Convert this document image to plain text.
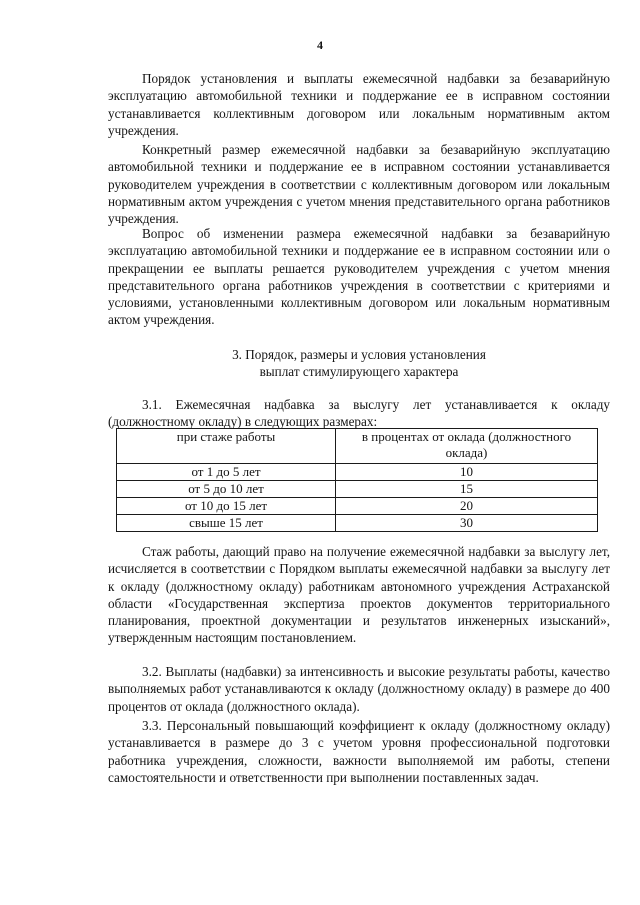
4

Порядок установления и выплаты ежемесячной надбавки за безаварийную эксплуатацию автомобильной техники и поддержание ее в исправном состоянии устанавливается коллективным договором или локальным нормативным актом учреждения.

Конкретный размер ежемесячной надбавки за безаварийную эксплуатацию автомобильной техники и поддержание ее в исправном состоянии устанавливается руководителем учреждения в соответствии с коллективным договором или локальным нормативным актом учреждения с учетом мнения представительного органа работников учреждения.

Вопрос об изменении размера ежемесячной надбавки за безаварийную эксплуатацию автомобильной техники и поддержание ее в исправном состоянии или о прекращении ее выплаты решается руководителем учреждения с учетом мнения представительного органа работников учреждения в соответствии с критериями и условиями, установленными коллективным договором или локальным нормативным актом учреждения.

3. Порядок, размеры и условия установления
выплат стимулирующего характера

3.1. Ежемесячная надбавка за выслугу лет устанавливается к окладу (должностному окладу) в следующих размерах:

при стаже работы	в процентах от оклада (должностного оклада)
от 1 до 5 лет	10
от 5 до 10 лет	15
от 10 до 15 лет	20
свыше 15 лет	30

Стаж работы, дающий право на получение ежемесячной надбавки за выслугу лет, исчисляется в соответствии с Порядком выплаты ежемесячной надбавки за выслугу лет к окладу (должностному окладу) работникам автономного учреждения Астраханской области «Государственная экспертиза проектов документов территориального планирования, проектной документации и результатов инженерных изысканий», утвержденным настоящим постановлением.

3.2. Выплаты (надбавки) за интенсивность и высокие результаты работы, качество выполняемых работ устанавливаются к окладу (должностному окладу) в размере до 400 процентов от оклада (должностного оклада).

3.3. Персональный повышающий коэффициент к окладу (должностному окладу) устанавливается в размере до 3 с учетом уровня профессиональной подготовки работника учреждения, сложности, важности выполняемой им работы, степени самостоятельности и ответственности при выполнении поставленных задач.
